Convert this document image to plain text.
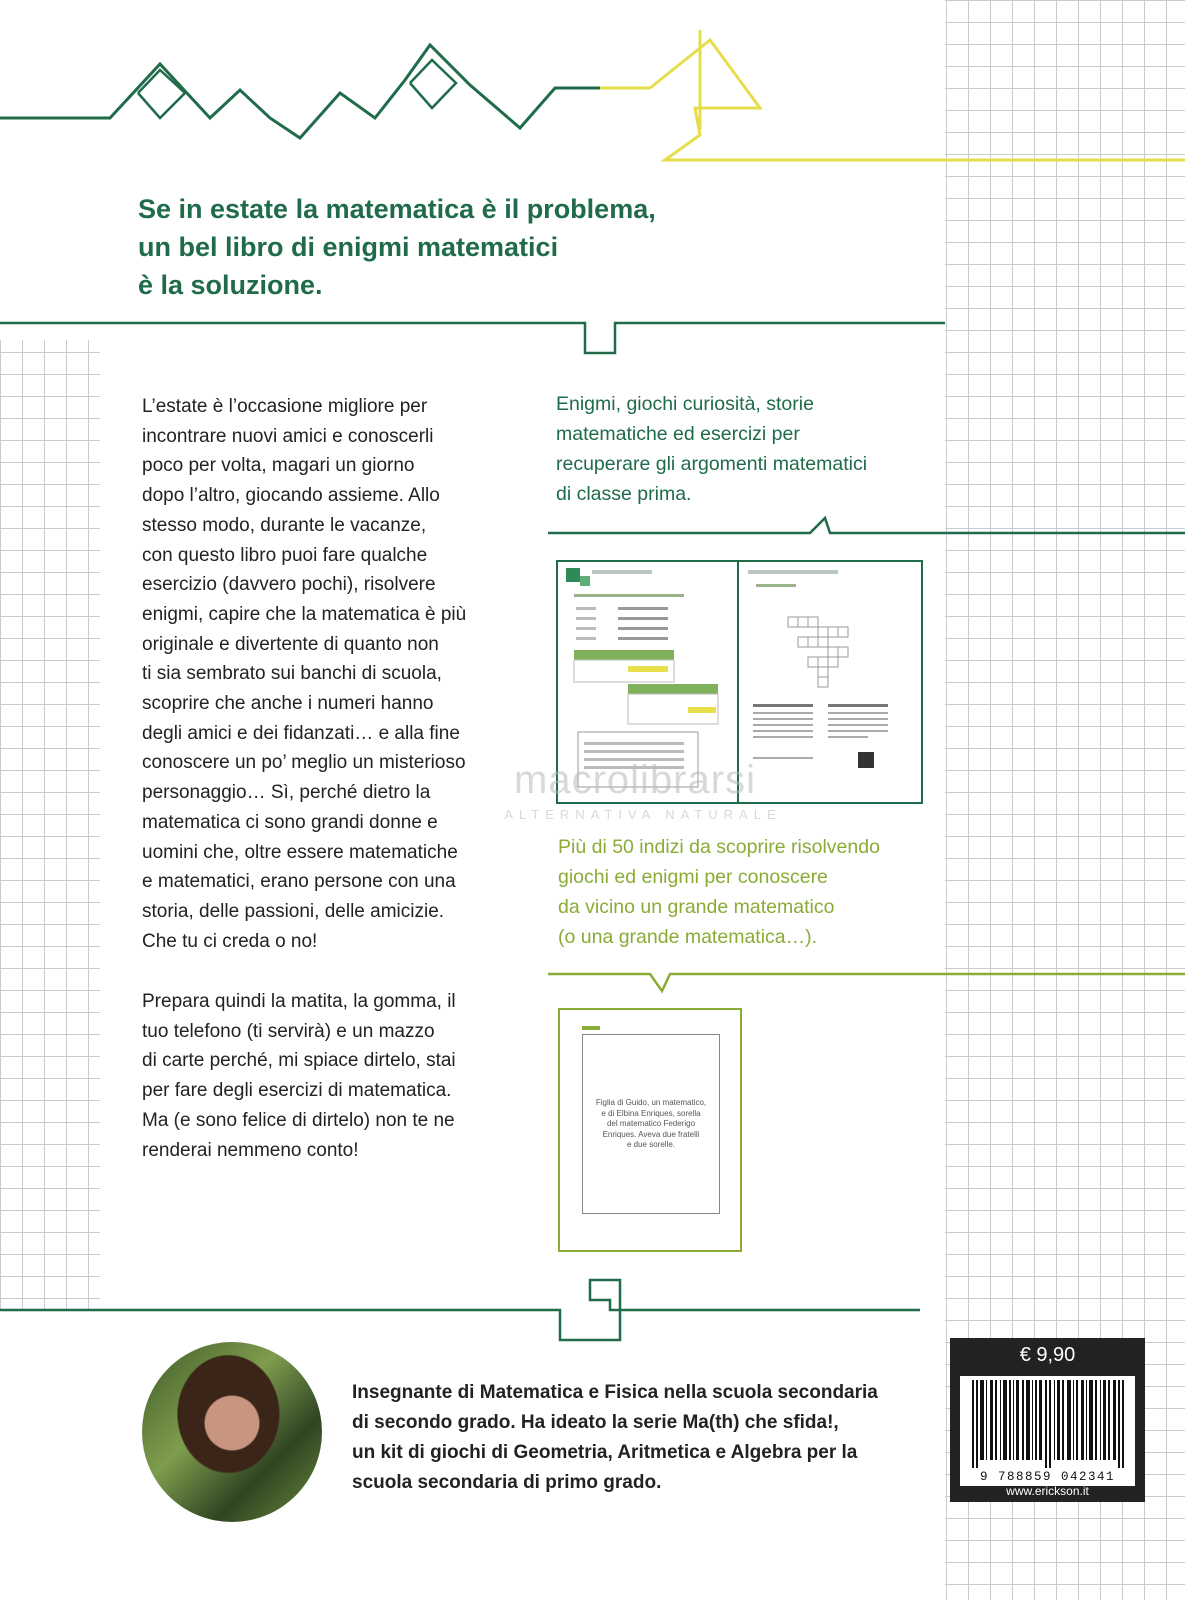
Se in estate la matematica è il problema,
un bel libro di enigmi matematici
è la soluzione.
L’estate è l’occasione migliore per
incontrare nuovi amici e conoscerli
poco per volta, magari un giorno
dopo l’altro, giocando assieme. Allo
stesso modo, durante le vacanze,
con questo libro puoi fare qualche
esercizio (davvero pochi), risolvere
enigmi, capire che la matematica è più
originale e divertente di quanto non
ti sia sembrato sui banchi di scuola,
scoprire che anche i numeri hanno
degli amici e dei fidanzati… e alla fine
conoscere un po’ meglio un misterioso
personaggio… Sì, perché dietro la
matematica ci sono grandi donne e
uomini che, oltre essere matematiche
e matematici, erano persone con una
storia, delle passioni, delle amicizie.
Che tu ci creda o no!
Prepara quindi la matita, la gomma, il
tuo telefono (ti servirà) e un mazzo
di carte perché, mi spiace dirtelo, stai
per fare degli esercizi di matematica.
Ma (e sono felice di dirtelo) non te ne
renderai nemmeno conto!
Enigmi, giochi curiosità, storie
matematiche ed esercizi per
recuperare gli argomenti matematici
di classe prima.
macrolibrarsi
ALTERNATIVA NATURALE
Più di 50 indizi da scoprire risolvendo
giochi ed enigmi per conoscere
da vicino un grande matematico
(o una grande matematica…).
Figlia di Guido, un matematico,
e di Elbina Enriques, sorella
del matematico Federigo
Enriques. Aveva due fratelli
e due sorelle.
Insegnante di Matematica e Fisica nella scuola secondaria
di secondo grado. Ha ideato la serie Ma(th) che sfida!,
un kit di giochi di Geometria, Aritmetica e Algebra per la
scuola secondaria di primo grado.
€ 9,90
9 788859 042341
www.erickson.it
